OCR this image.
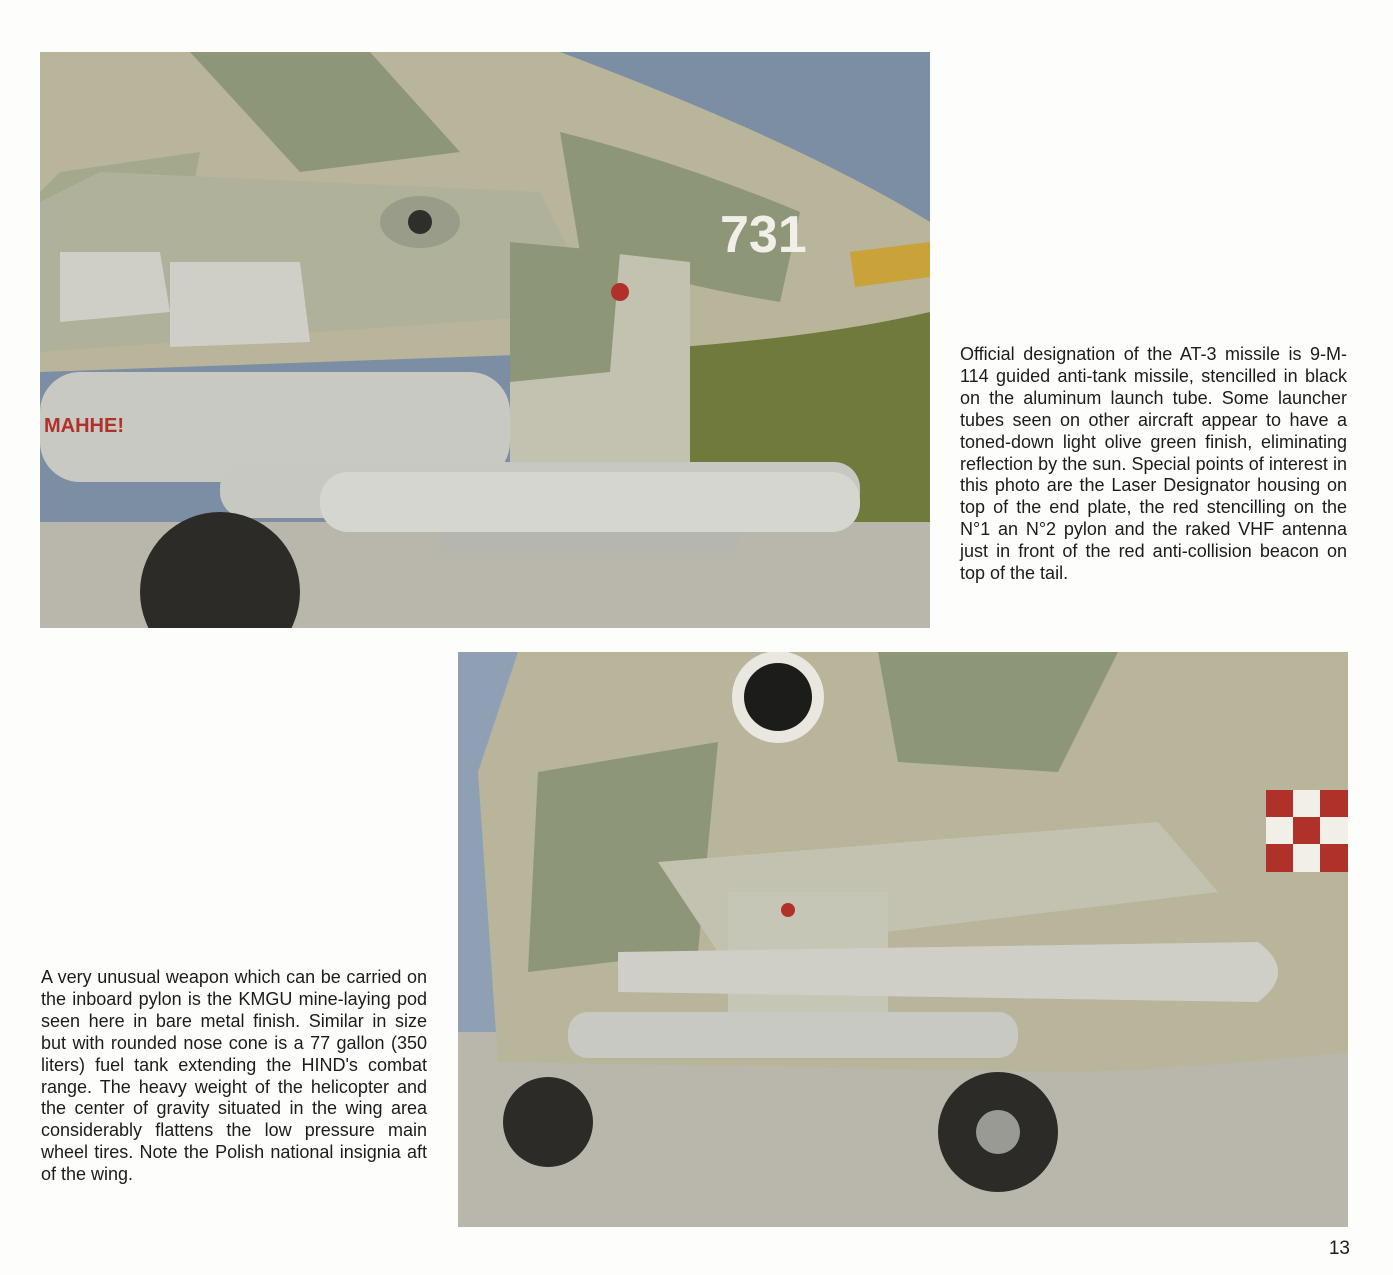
731
MAHHE!

Official designation of the AT-3 missile is 9-M-114 guided anti-tank missile, stencilled in black on the aluminum launch tube. Some launcher tubes seen on other aircraft appear to have a toned-down light olive green finish, eliminating reflection by the sun. Special points of interest in this photo are the Laser Designator housing on top of the end plate, the red stencilling on the N°1 an N°2 pylon and the raked VHF antenna just in front of the red anti-collision beacon on top of the tail.

A very unusual weapon which can be carried on the inboard pylon is the KMGU mine-laying pod seen here in bare metal finish. Similar in size but with rounded nose cone is a 77 gallon (350 liters) fuel tank extending the HIND's combat range. The heavy weight of the helicopter and the center of gravity situated in the wing area considerably flattens the low pressure main wheel tires. Note the Polish national insignia aft of the wing.

13
